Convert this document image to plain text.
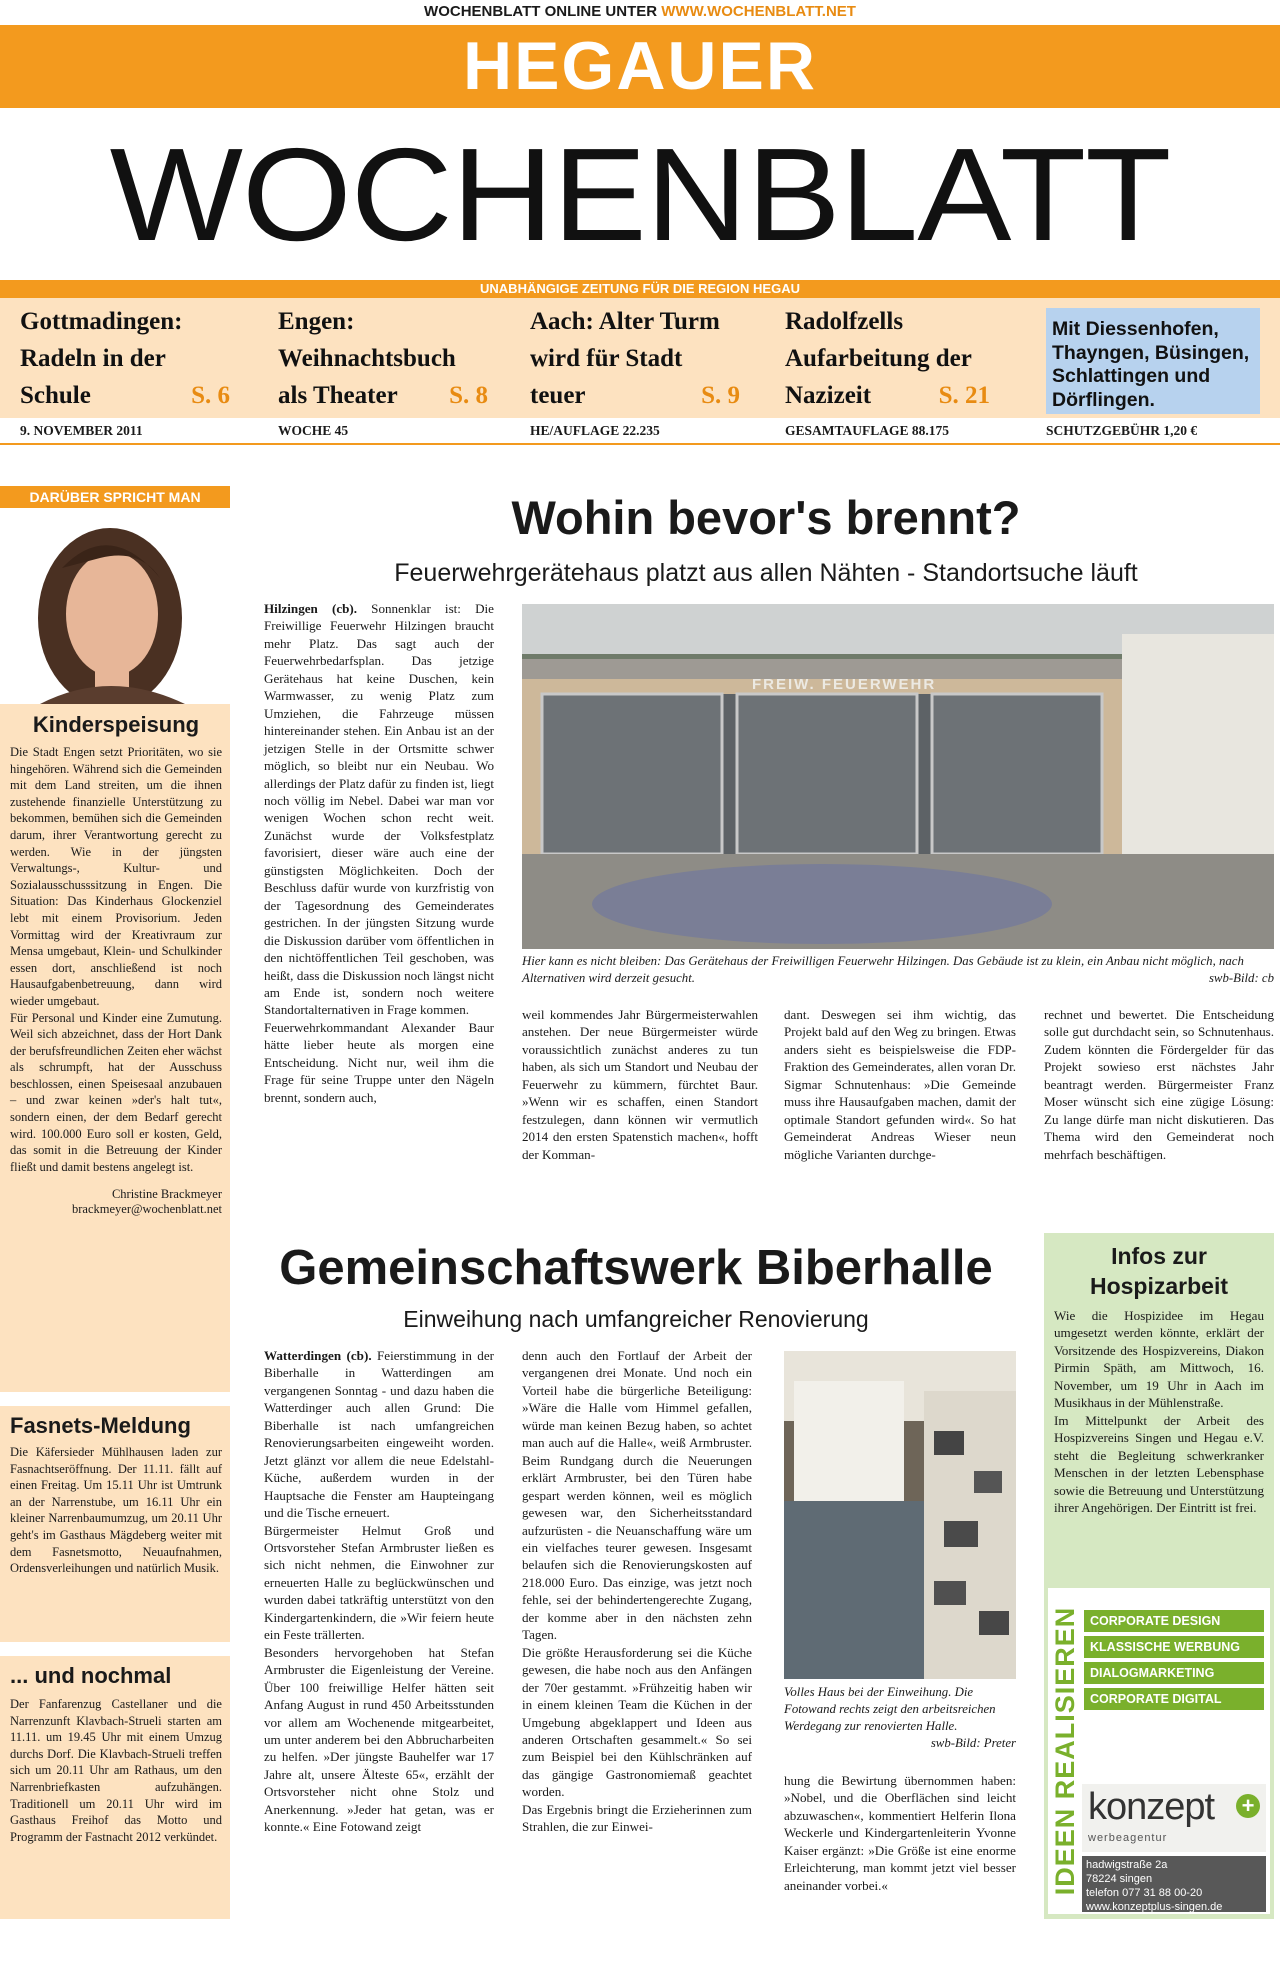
WOCHENBLATT ONLINE UNTER WWW.WOCHENBLATT.NET
HEGAUER
WOCHENBLATT
UNABHÄNGIGE ZEITUNG FÜR DIE REGION HEGAU
Gottmadingen:
Radeln in der
Schule	S. 6
Engen:
Weihnachtsbuch
als Theater S. 8
Aach: Alter Turm
wird für Stadt
teuer	S. 9
Radolfzells
Aufarbeitung der
Nazizeit	S. 21
Mit Diessenhofen,
Thayngen, Büsingen,
Schlattingen und
Dörflingen.
9. NOVEMBER 2011	WOCHE 45	HE/AUFLAGE 22.235	GESAMTAUFLAGE 88.175	SCHUTZGEBÜHR 1,20 €
DARÜBER SPRICHT MAN
Kinderspeisung

Die Stadt Engen setzt Prioritäten, wo sie hingehören. Während sich die Gemeinden mit dem Land streiten, um die ihnen zustehende finanzielle Unterstützung zu bekommen, bemühen sich die Gemeinden darum, ihrer Verantwortung gerecht zu werden. Wie in der jüngsten Verwaltungs-, Kultur- und Sozialausschusssitzung in Engen. Die Situation: Das Kinderhaus Glockenziel lebt mit einem Provisorium. Jeden Vormittag wird der Kreativraum zur Mensa umgebaut, Klein- und Schulkinder essen dort, anschließend ist noch Hausaufgabenbetreuung, dann wird wieder umgebaut.

Für Personal und Kinder eine Zumutung. Weil sich abzeichnet, dass der Hort Dank der berufsfreundlichen Zeiten eher wächst als schrumpft, hat der Ausschuss beschlossen, einen Speisesaal anzubauen – und zwar keinen »der's halt tut«, sondern einen, der dem Bedarf gerecht wird. 100.000 Euro soll er kosten, Geld, das somit in die Betreuung der Kinder fließt und damit bestens angelegt ist.

Christine Brackmeyer
brackmeyer@wochenblatt.net
Fasnets-Meldung

Die Käfersieder Mühlhausen laden zur Fasnachtseröffnung. Der 11.11. fällt auf einen Freitag. Um 15.11 Uhr ist Umtrunk an der Narrenstube, um 16.11 Uhr ein kleiner Narrenbaumumzug, um 20.11 Uhr geht's im Gasthaus Mägdeberg weiter mit dem Fasnetsmotto, Neuaufnahmen, Ordensverleihungen und natürlich Musik.

... und nochmal

Der Fanfarenzug Castellaner und die Narrenzunft Klavbach-Strueli starten am 11.11. um 19.45 Uhr mit einem Umzug durchs Dorf. Die Klavbach-Strueli treffen sich um 20.11 Uhr am Rathaus, um den Narrenbriefkasten aufzuhängen. Traditionell um 20.11 Uhr wird im Gasthaus Freihof das Motto und Programm der Fastnacht 2012 verkündet.

Wohin bevor's brennt?
Feuerwehrgerätehaus platzt aus allen Nähten - Standortsuche läuft

Hilzingen (cb). Sonnenklar ist: Die Freiwillige Feuerwehr Hilzingen braucht mehr Platz. Das sagt auch der Feuerwehrbedarfsplan. Das jetzige Gerätehaus hat keine Duschen, kein Warmwasser, zu wenig Platz zum Umziehen, die Fahrzeuge müssen hintereinander stehen. Ein Anbau ist an der jetzigen Stelle in der Ortsmitte schwer möglich, so bleibt nur ein Neubau. Wo allerdings der Platz dafür zu finden ist, liegt noch völlig im Nebel. Dabei war man vor wenigen Wochen schon recht weit. Zunächst wurde der Volksfestplatz favorisiert, dieser wäre auch eine der günstigsten Möglichkeiten. Doch der Beschluss dafür wurde von kurzfristig von der Tagesordnung des Gemeinderates gestrichen. In der jüngsten Sitzung wurde die Diskussion darüber vom öffentlichen in den nichtöffentlichen Teil geschoben, was heißt, dass die Diskussion noch längst nicht am Ende ist, sondern noch weitere Standortalternativen in Frage kommen.

Feuerwehrkommandant Alexander Baur hätte lieber heute als morgen eine Entscheidung. Nicht nur, weil ihm die Frage für seine Truppe unter den Nägeln brennt, sondern auch,

FREIW. FEUERWEHR
Hier kann es nicht bleiben: Das Gerätehaus der Freiwilligen Feuerwehr Hilzingen. Das Gebäude ist zu klein, ein Anbau nicht möglich, nach Alternativen wird derzeit gesucht.	swb-Bild: cb

weil kommendes Jahr Bürgermeisterwahlen anstehen. Der neue Bürgermeister würde voraussichtlich zunächst anderes zu tun haben, als sich um Standort und Neubau der Feuerwehr zu kümmern, fürchtet Baur. »Wenn wir es schaffen, einen Standort festzulegen, dann können wir vermutlich 2014 den ersten Spatenstich machen«, hofft der Komman-

dant. Deswegen sei ihm wichtig, das Projekt bald auf den Weg zu bringen. Etwas anders sieht es beispielsweise die FDP-Fraktion des Gemeinderates, allen voran Dr. Sigmar Schnutenhaus: »Die Gemeinde muss ihre Hausaufgaben machen, damit der optimale Standort gefunden wird«. So hat Gemeinderat Andreas Wieser neun mögliche Varianten durchge-

rechnet und bewertet. Die Entscheidung solle gut durchdacht sein, so Schnutenhaus. Zudem könnten die Fördergelder für das Projekt sowieso erst nächstes Jahr beantragt werden. Bürgermeister Franz Moser wünscht sich eine zügige Lösung: Zu lange dürfe man nicht diskutieren. Das Thema wird den Gemeinderat noch mehrfach beschäftigen.

Gemeinschaftswerk Biberhalle
Einweihung nach umfangreicher Renovierung

Watterdingen (cb). Feierstimmung in der Biberhalle in Watterdingen am vergangenen Sonntag - und dazu haben die Watterdinger auch allen Grund: Die Biberhalle ist nach umfangreichen Renovierungsarbeiten eingeweiht worden. Jetzt glänzt vor allem die neue Edelstahl-Küche, außerdem wurden in der Hauptsache die Fenster am Haupteingang und die Tische erneuert.

Bürgermeister Helmut Groß und Ortsvorsteher Stefan Armbruster ließen es sich nicht nehmen, die Einwohner zur erneuerten Halle zu beglückwünschen und wurden dabei tatkräftig unterstützt von den Kindergartenkindern, die »Wir feiern heute ein Feste trällerten.

Besonders hervorgehoben hat Stefan Armbruster die Eigenleistung der Vereine. Über 100 freiwillige Helfer hätten seit Anfang August in rund 450 Arbeitsstunden vor allem am Wochenende mitgearbeitet, um unter anderem bei den Abbrucharbeiten zu helfen. »Der jüngste Bauhelfer war 17 Jahre alt, unsere Älteste 65«, erzählt der Ortsvorsteher nicht ohne Stolz und Anerkennung. »Jeder hat getan, was er konnte.« Eine Fotowand zeigt

denn auch den Fortlauf der Arbeit der vergangenen drei Monate. Und noch ein Vorteil habe die bürgerliche Beteiligung: »Wäre die Halle vom Himmel gefallen, würde man keinen Bezug haben, so achtet man auch auf die Halle«, weiß Armbruster. Beim Rundgang durch die Neuerungen erklärt Armbruster, bei den Türen habe gespart werden können, weil es möglich gewesen war, den Sicherheitsstandard aufzurüsten - die Neuanschaffung wäre um ein vielfaches teurer gewesen. Insgesamt belaufen sich die Renovierungskosten auf 218.000 Euro. Das einzige, was jetzt noch fehle, sei der behindertengerechte Zugang, der komme aber in den nächsten zehn Tagen.

Die größte Herausforderung sei die Küche gewesen, die habe noch aus den Anfängen der 70er gestammt. »Frühzeitig haben wir in einem kleinen Team die Küchen in der Umgebung abgeklappert und Ideen aus anderen Ortschaften gesammelt.« So sei zum Beispiel bei den Kühlschränken auf das gängige Gastronomiemaß geachtet worden.

Das Ergebnis bringt die Erzieherinnen zum Strahlen, die zur Einwei-

Volles Haus bei der Einweihung. Die Fotowand rechts zeigt den arbeitsreichen Werdegang zur renovierten Halle.
swb-Bild: Preter

hung die Bewirtung übernommen haben: »Nobel, und die Oberflächen sind leicht abzuwaschen«, kommentiert Helferin Ilona Weckerle und Kindergartenleiterin Yvonne Kaiser ergänzt: »Die Größe ist eine enorme Erleichterung, man kommt jetzt viel besser aneinander vorbei.«

Infos zur
Hospizarbeit

Wie die Hospizidee im Hegau umgesetzt werden könnte, erklärt der Vorsitzende des Hospizvereins, Diakon Pirmin Späth, am Mittwoch, 16. November, um 19 Uhr in Aach im Musikhaus in der Mühlenstraße.

Im Mittelpunkt der Arbeit des Hospizvereins Singen und Hegau e.V. steht die Begleitung schwerkranker Menschen in der letzten Lebensphase sowie die Betreuung und Unterstützung ihrer Angehörigen. Der Eintritt ist frei.

IDEEN REALISIEREN CORPORATE DESIGN
KLASSISCHE WERBUNG
DIALOGMARKETING
CORPORATE DIGITAL DESIGN
konzept +
werbeagentur
hadwigstraße 2a
78224 singen
telefon 077 31 88 00-20
www.konzeptplus-singen.de
